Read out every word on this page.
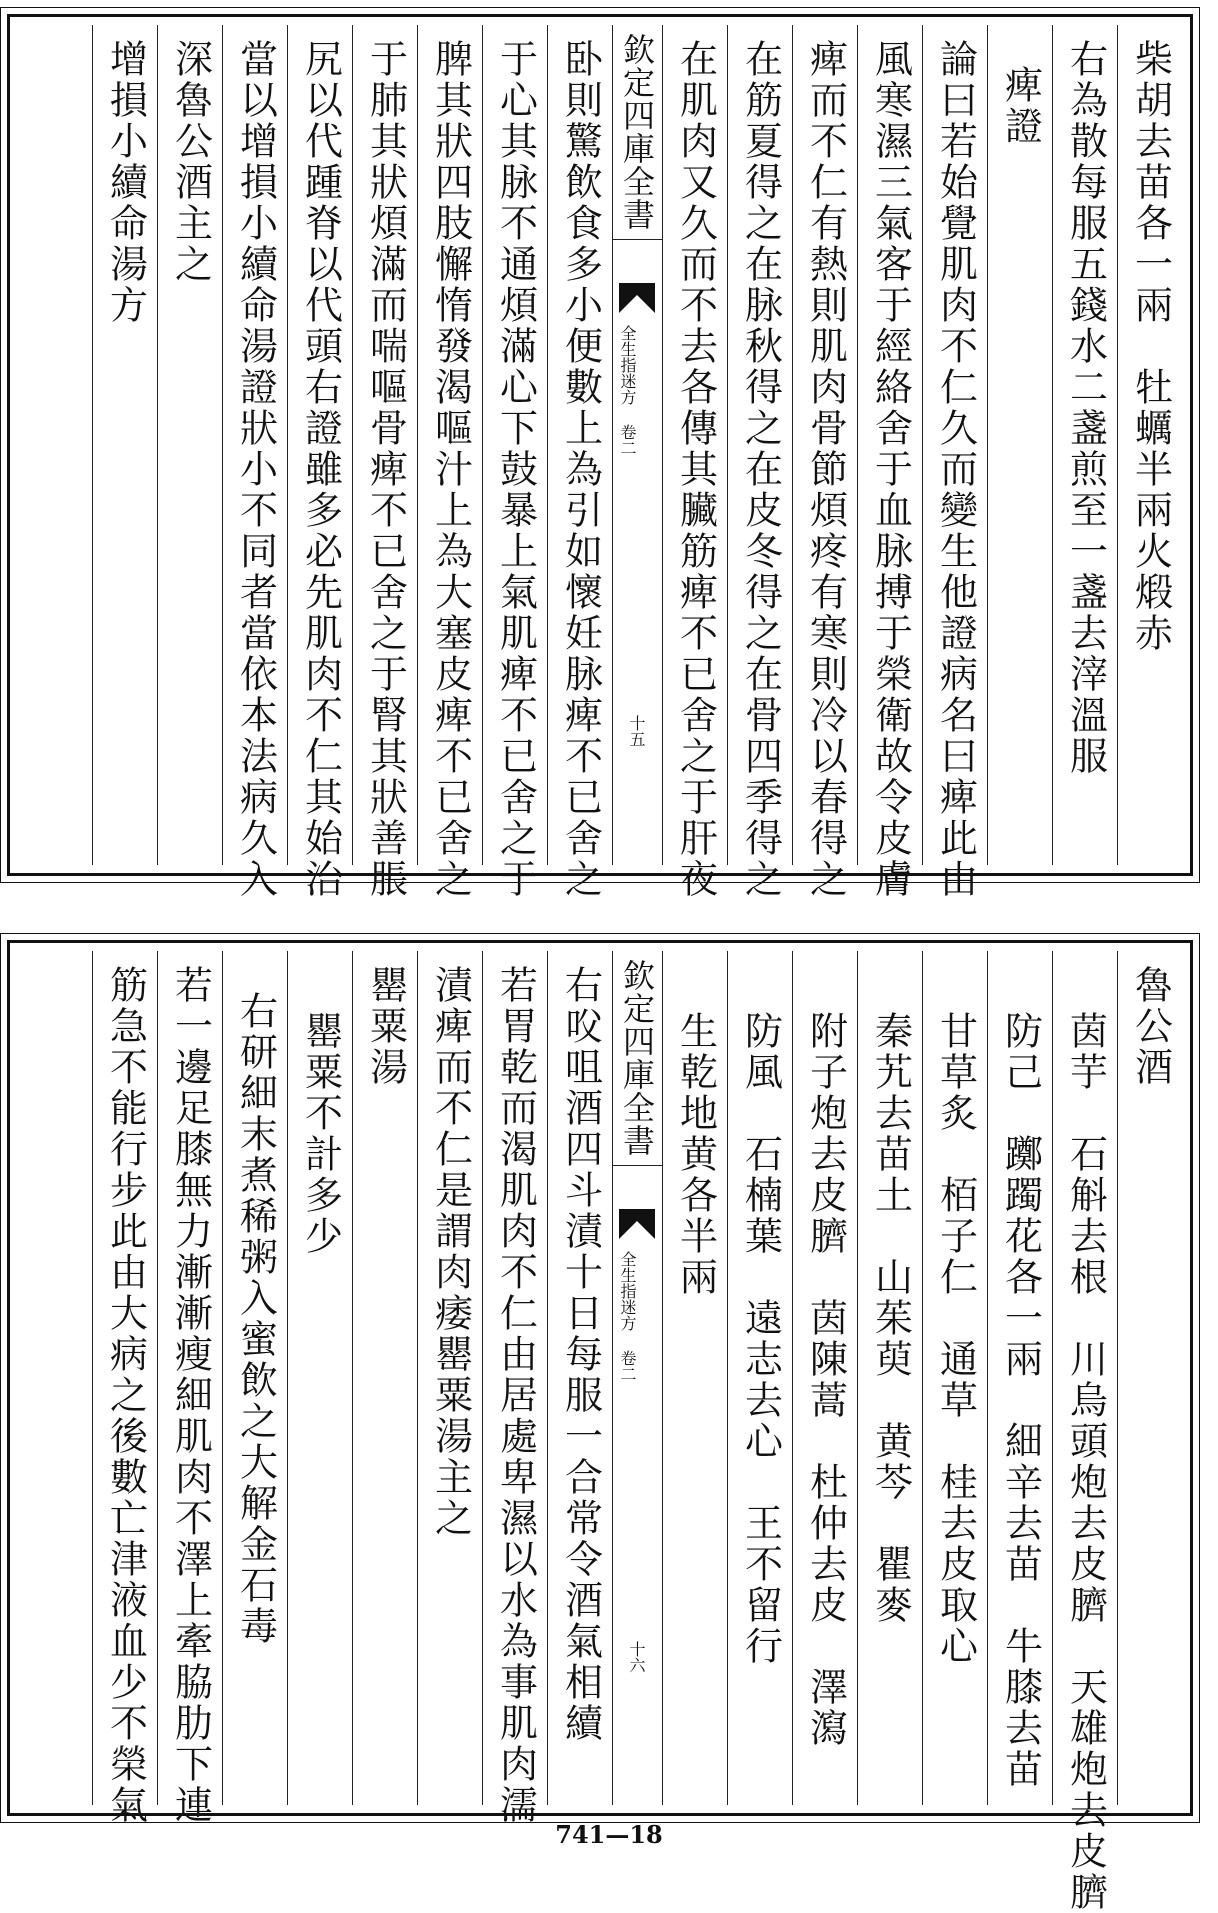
柴胡去苗各一兩　牡蠣半兩火煅赤
右為散每服五錢水二盞煎至一盞去滓溫服
痺證
論曰若始覺肌肉不仁久而變生他證病名曰痺此由
風寒濕三氣客于經絡舍于血脉搏于榮衛故令皮膚
痺而不仁有熱則肌肉骨節煩疼有寒則冷以春得之
在筋夏得之在脉秋得之在皮冬得之在骨四季得之
在肌肉又久而不去各傳其臟筋痺不已舍之于肝夜
欽定四庫全書
全生指迷方 卷二
十五
卧則驚飲食多小便數上為引如懷妊脉痺不已舍之
于心其脉不通煩滿心下鼓暴上氣肌痺不已舍之于
脾其狀四肢懈惰發渴嘔汁上為大塞皮痺不已舍之
于肺其狀煩滿而喘嘔骨痺不已舍之于腎其狀善脹
尻以代踵脊以代頭右證雖多必先肌肉不仁其始治
當以增損小續命湯證狀小不同者當依本法病久入
深魯公酒主之
增損小續命湯方
魯公酒
茵芋　石斛去根　川烏頭炮去皮臍　天雄炮去皮臍
防己　躑躅花各一兩　細辛去苗　牛膝去苗
甘草炙　栢子仁　通草　桂去皮取心
秦艽去苗土　山茱萸　黄芩　瞿麥
附子炮去皮臍　茵陳蒿　杜仲去皮　澤瀉
防風　石楠葉　遠志去心　王不留行
生乾地黄各半兩
欽定四庫全書
全生指迷方 卷二
十六
右㕮咀酒四斗漬十日每服一合常令酒氣相續
若胃乾而渴肌肉不仁由居處卑濕以水為事肌肉濡
漬痺而不仁是謂肉痿罌粟湯主之
罌粟湯
罌粟不計多少
右研細末煮稀粥入蜜飲之大解金石毒
若一邊足膝無力漸漸瘦細肌肉不澤上牽脇肋下連
筋急不能行步此由大病之後數亡津液血少不榮氣
741—18
